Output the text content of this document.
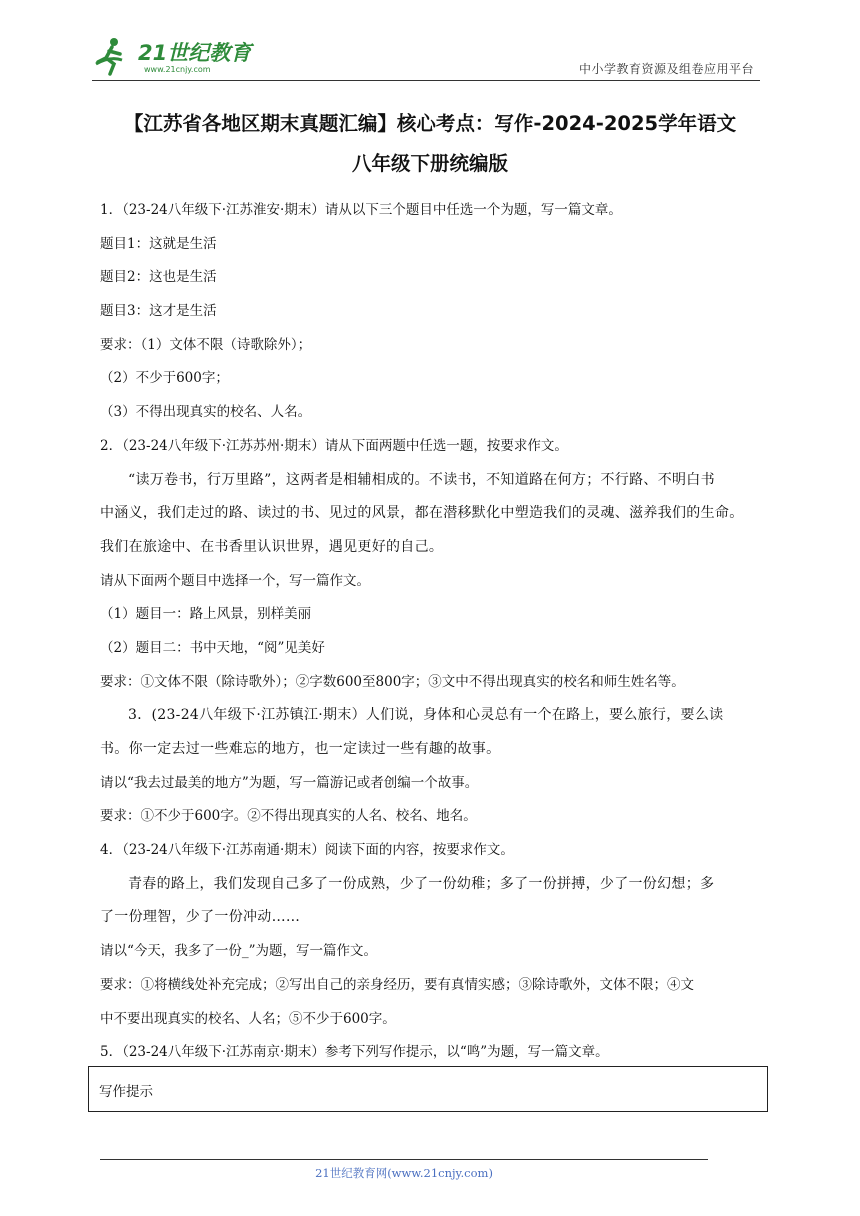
21世纪教育
www.21cnjy.com	中小学教育资源及组卷应用平台
【江苏省各地区期末真题汇编】核心考点：写作-2024-2025学年语文
八年级下册统编版
1．（23-24八年级下·江苏淮安·期末）请从以下三个题目中任选一个为题，写一篇文章。
题目1：这就是生活
题目2：这也是生活
题目3：这才是生活
要求：（1）文体不限（诗歌除外）；
（2）不少于600字；
（3）不得出现真实的校名、人名。
2．（23-24八年级下·江苏苏州·期末）请从下面两题中任选一题，按要求作文。
“读万卷书，行万里路”，这两者是相辅相成的。不读书，不知道路在何方；不行路、不明白书
中涵义，我们走过的路、读过的书、见过的风景，都在潜移默化中塑造我们的灵魂、滋养我们的生命。
我们在旅途中、在书香里认识世界，遇见更好的自己。
请从下面两个题目中选择一个，写一篇作文。
（1）题目一：路上风景，别样美丽
（2）题目二：书中天地，“阅”见美好
要求：①文体不限（除诗歌外）；②字数600至800字；③文中不得出现真实的校名和师生姓名等。
3．(23-24八年级下·江苏镇江·期末）人们说，身体和心灵总有一个在路上，要么旅行，要么读
书。你一定去过一些难忘的地方，也一定读过一些有趣的故事。
请以“我去过最美的地方”为题，写一篇游记或者创编一个故事。
要求：①不少于600字。②不得出现真实的人名、校名、地名。
4．（23-24八年级下·江苏南通·期末）阅读下面的内容，按要求作文。
青春的路上，我们发现自己多了一份成熟，少了一份幼稚；多了一份拼搏，少了一份幻想；多
了一份理智，少了一份冲动……
请以“今天，我多了一份_”为题，写一篇作文。
要求：①将横线处补充完成；②写出自己的亲身经历，要有真情实感；③除诗歌外，文体不限；④文
中不要出现真实的校名、人名；⑤不少于600字。
5．（23-24八年级下·江苏南京·期末）参考下列写作提示，以“鸣”为题，写一篇文章。
写作提示
21世纪教育网(www.21cnjy.com)
